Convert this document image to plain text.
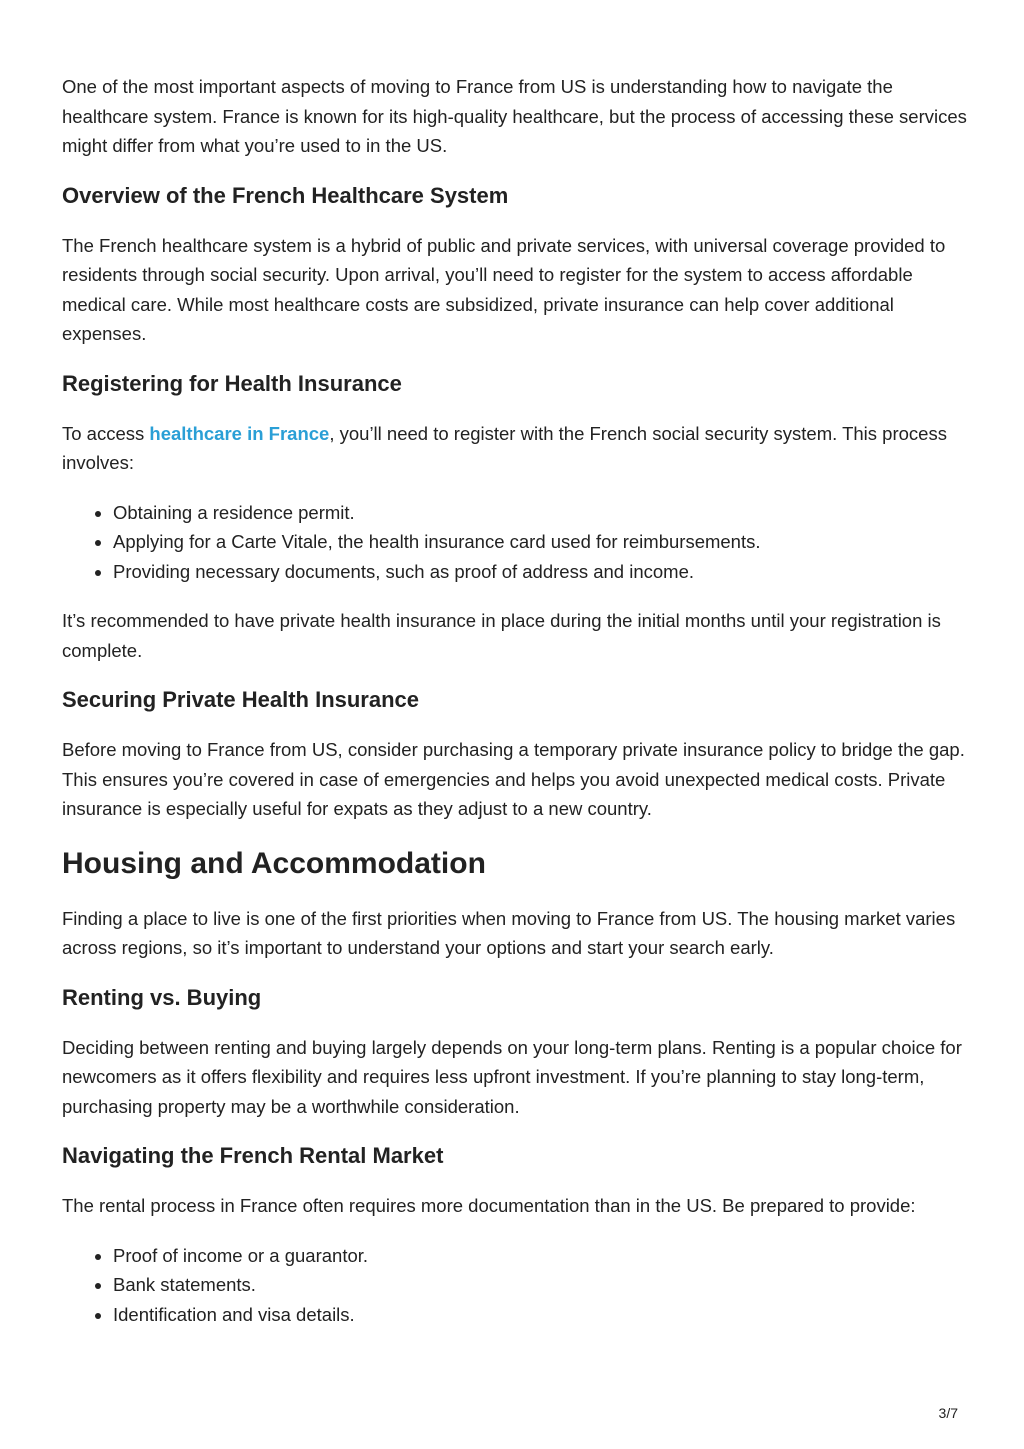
One of the most important aspects of moving to France from US is understanding how to navigate the healthcare system. France is known for its high-quality healthcare, but the process of accessing these services might differ from what you’re used to in the US.

Overview of the French Healthcare System

The French healthcare system is a hybrid of public and private services, with universal coverage provided to residents through social security. Upon arrival, you’ll need to register for the system to access affordable medical care. While most healthcare costs are subsidized, private insurance can help cover additional expenses.

Registering for Health Insurance

To access healthcare in France, you’ll need to register with the French social security system. This process involves:

• Obtaining a residence permit.
• Applying for a Carte Vitale, the health insurance card used for reimbursements.
• Providing necessary documents, such as proof of address and income.

It’s recommended to have private health insurance in place during the initial months until your registration is complete.

Securing Private Health Insurance

Before moving to France from US, consider purchasing a temporary private insurance policy to bridge the gap. This ensures you’re covered in case of emergencies and helps you avoid unexpected medical costs. Private insurance is especially useful for expats as they adjust to a new country.

Housing and Accommodation

Finding a place to live is one of the first priorities when moving to France from US. The housing market varies across regions, so it’s important to understand your options and start your search early.

Renting vs. Buying

Deciding between renting and buying largely depends on your long-term plans. Renting is a popular choice for newcomers as it offers flexibility and requires less upfront investment. If you’re planning to stay long-term, purchasing property may be a worthwhile consideration.

Navigating the French Rental Market

The rental process in France often requires more documentation than in the US. Be prepared to provide:

• Proof of income or a guarantor.
• Bank statements.
• Identification and visa details.
3/7
